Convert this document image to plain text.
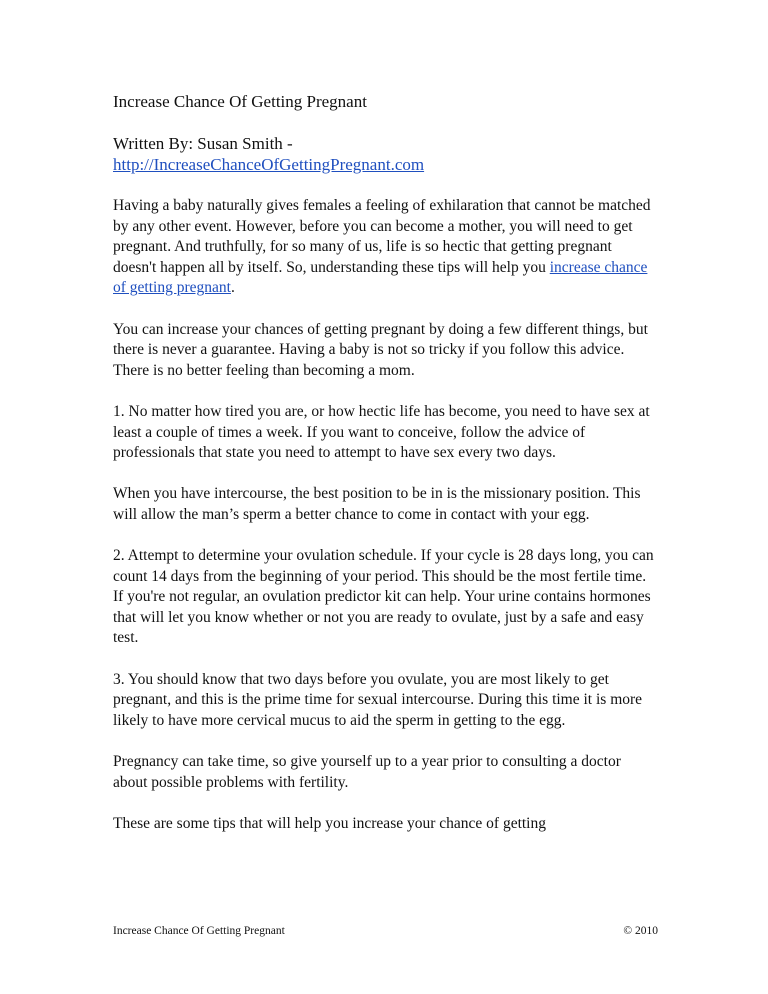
Increase Chance Of Getting Pregnant
Written By: Susan Smith -
http://IncreaseChanceOfGettingPregnant.com

Having a baby naturally gives females a feeling of exhilaration that cannot be matched by any other event. However, before you can become a mother, you will need to get pregnant. And truthfully, for so many of us, life is so hectic that getting pregnant doesn't happen all by itself. So, understanding these tips will help you increase chance of getting pregnant.

You can increase your chances of getting pregnant by doing a few different things, but there is never a guarantee. Having a baby is not so tricky if you follow this advice. There is no better feeling than becoming a mom.

1. No matter how tired you are, or how hectic life has become, you need to have sex at least a couple of times a week. If you want to conceive, follow the advice of professionals that state you need to attempt to have sex every two days.

When you have intercourse, the best position to be in is the missionary position. This will allow the man’s sperm a better chance to come in contact with your egg.

2. Attempt to determine your ovulation schedule. If your cycle is 28 days long, you can count 14 days from the beginning of your period. This should be the most fertile time. If you're not regular, an ovulation predictor kit can help. Your urine contains hormones that will let you know whether or not you are ready to ovulate, just by a safe and easy test.

3. You should know that two days before you ovulate, you are most likely to get pregnant, and this is the prime time for sexual intercourse. During this time it is more likely to have more cervical mucus to aid the sperm in getting to the egg.

Pregnancy can take time, so give yourself up to a year prior to consulting a doctor about possible problems with fertility.

These are some tips that will help you increase your chance of getting

Increase Chance Of Getting Pregnant	© 2010
